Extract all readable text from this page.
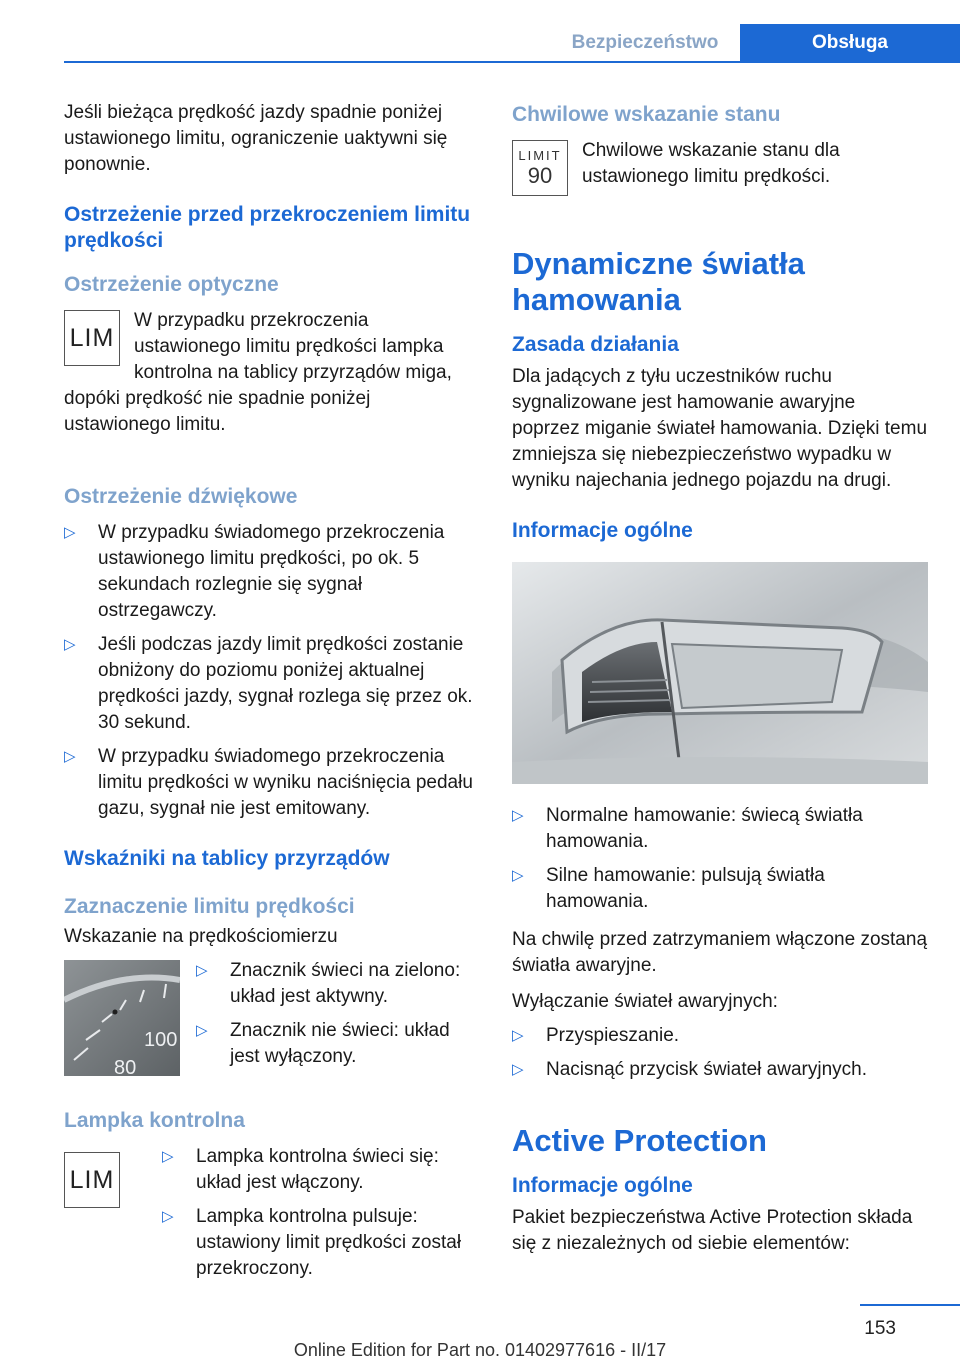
Bezpieczeństwo	Obsługa

Jeśli bieżąca prędkość jazdy spadnie poniżej ustawionego limitu, ograniczenie uaktywni się ponownie.

Ostrzeżenie przed przekroczeniem limitu prędkości
Ostrzeżenie optyczne
LIM

W przypadku przekroczenia ustawionego limitu prędkości lampka kontrolna na tablicy przyrządów miga, dopóki prędkość nie spadnie poniżej ustawionego limitu.

Ostrzeżenie dźwiękowe
▷ W przypadku świadomego przekroczenia ustawionego limitu prędkości, po ok. 5 sekundach rozlegnie się sygnał ostrzegawczy.
▷ Jeśli podczas jazdy limit prędkości zostanie obniżony do poziomu poniżej aktualnej prędkości jazdy, sygnał rozlega się przez ok. 30 sekund.
▷ W przypadku świadomego przekroczenia limitu prędkości w wyniku naciśnięcia pedału gazu, sygnał nie jest emitowany.
Wskaźniki na tablicy przyrządów
Zaznaczenie limitu prędkości

Wskazanie na prędkościomierzu

100
80
▷ Znacznik świeci na zielono: układ jest aktywny.
▷ Znacznik nie świeci: układ jest wyłączony.
Lampka kontrolna
LIM
▷ Lampka kontrolna świeci się: układ jest włączony.
▷ Lampka kontrolna pulsuje: ustawiony limit prędkości został przekroczony.
Chwilowe wskazanie stanu
LIMIT
90

Chwilowe wskazanie stanu dla ustawionego limitu prędkości.

Dynamiczne światła hamowania
Zasada działania

Dla jadących z tyłu uczestników ruchu sygnalizowane jest hamowanie awaryjne poprzez miganie świateł hamowania. Dzięki temu zmniejsza się niebezpieczeństwo wypadku w wyniku najechania jednego pojazdu na drugi.

Informacje ogólne
▷ Normalne hamowanie: świecą światła hamowania.
▷ Silne hamowanie: pulsują światła hamowania.

Na chwilę przed zatrzymaniem włączone zostaną światła awaryjne.

Wyłączanie świateł awaryjnych:

▷ Przyspieszanie.
▷ Nacisnąć przycisk świateł awaryjnych.
Active Protection
Informacje ogólne

Pakiet bezpieczeństwa Active Protection składa się z niezależnych od siebie elementów:

153
Online Edition for Part no. 01402977616 - II/17
